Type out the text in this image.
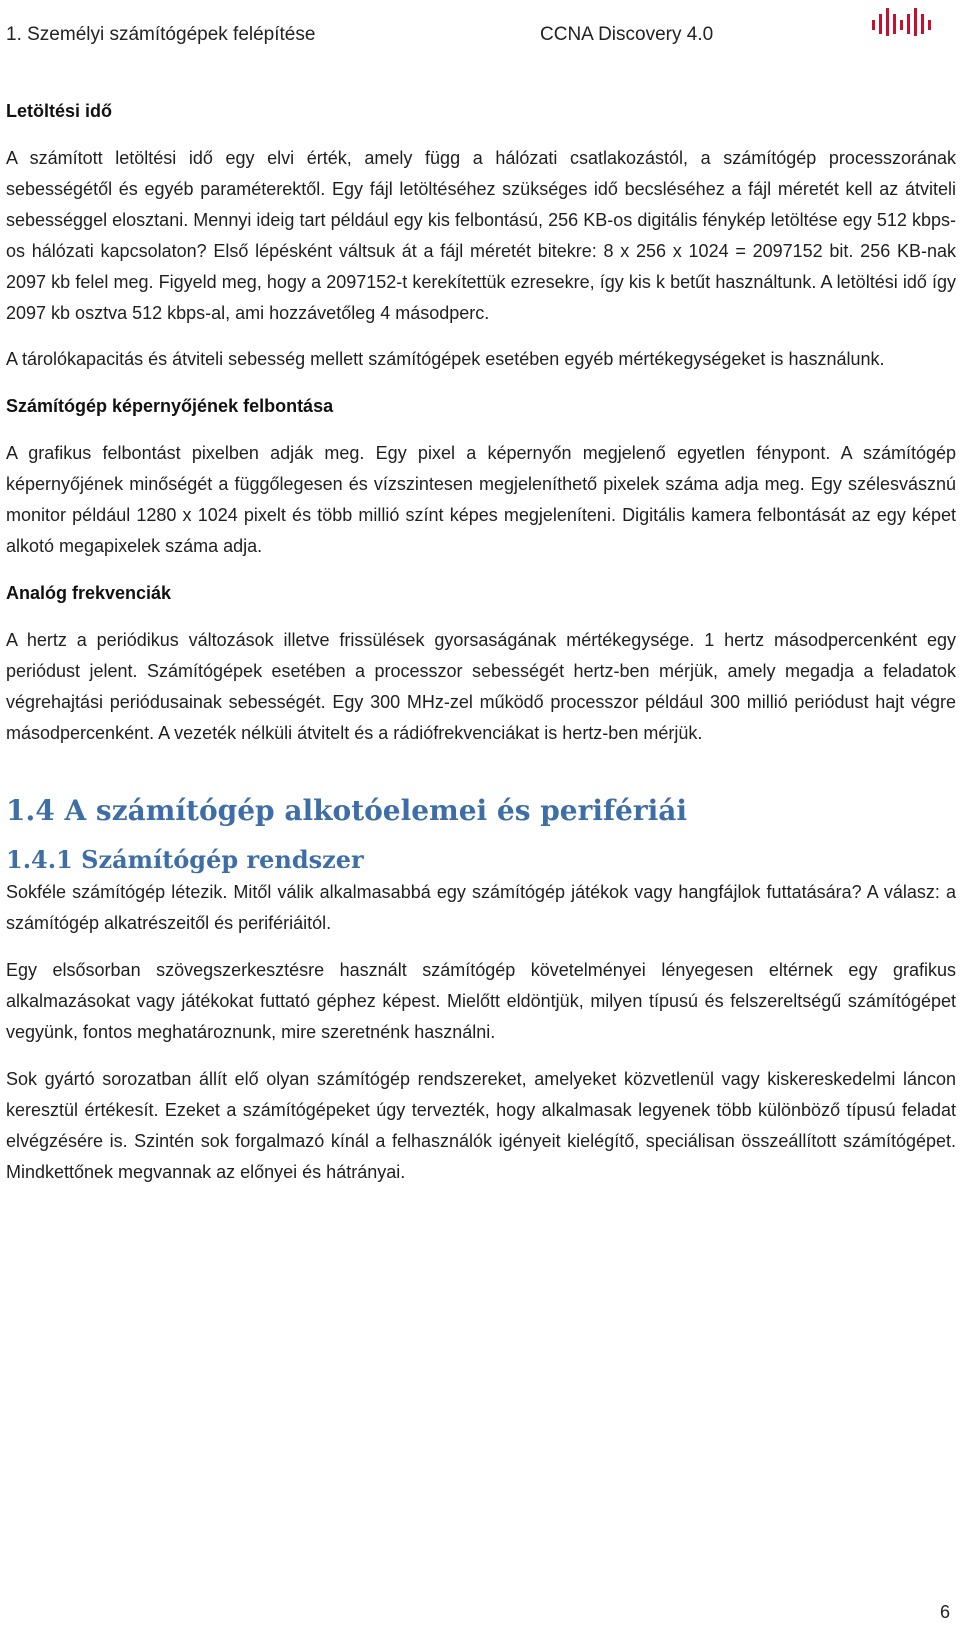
1. Személyi számítógépek felépítése	CCNA Discovery 4.0
Letöltési idő

A számított letöltési idő egy elvi érték, amely függ a hálózati csatlakozástól, a számítógép processzorának sebességétől és egyéb paraméterektől. Egy fájl letöltéséhez szükséges idő becsléséhez a fájl méretét kell az átviteli sebességgel elosztani. Mennyi ideig tart például egy kis felbontású, 256 KB-os digitális fénykép letöltése egy 512 kbps-os hálózati kapcsolaton? Első lépésként váltsuk át a fájl méretét bitekre: 8 x 256 x 1024 = 2097152 bit. 256 KB-nak 2097 kb felel meg. Figyeld meg, hogy a 2097152-t kerekítettük ezresekre, így kis k betűt használtunk. A letöltési idő így 2097 kb osztva 512 kbps-al, ami hozzávetőleg 4 másodperc.

A tárolókapacitás és átviteli sebesség mellett számítógépek esetében egyéb mértékegységeket is használunk.

Számítógép képernyőjének felbontása

A grafikus felbontást pixelben adják meg. Egy pixel a képernyőn megjelenő egyetlen fénypont. A számítógép képernyőjének minőségét a függőlegesen és vízszintesen megjeleníthető pixelek száma adja meg. Egy szélesvásznú monitor például 1280 x 1024 pixelt és több millió színt képes megjeleníteni. Digitális kamera felbontását az egy képet alkotó megapixelek száma adja.

Analóg frekvenciák

A hertz a periódikus változások illetve frissülések gyorsaságának mértékegysége. 1 hertz másodpercenként egy periódust jelent. Számítógépek esetében a processzor sebességét hertz-ben mérjük, amely megadja a feladatok végrehajtási periódusainak sebességét. Egy 300 MHz-zel működő processzor például 300 millió periódust hajt végre másodpercenként. A vezeték nélküli átvitelt és a rádiófrekvenciákat is hertz-ben mérjük.

1.4 A számítógép alkotóelemei és perifériái
1.4.1 Számítógép rendszer

Sokféle számítógép létezik. Mitől válik alkalmasabbá egy számítógép játékok vagy hangfájlok futtatására? A válasz: a számítógép alkatrészeitől és perifériáitól.

Egy elsősorban szövegszerkesztésre használt számítógép követelményei lényegesen eltérnek egy grafikus alkalmazásokat vagy játékokat futtató géphez képest. Mielőtt eldöntjük, milyen típusú és felszereltségű számítógépet vegyünk, fontos meghatároznunk, mire szeretnénk használni.

Sok gyártó sorozatban állít elő olyan számítógép rendszereket, amelyeket közvetlenül vagy kiskereskedelmi láncon keresztül értékesít. Ezeket a számítógépeket úgy tervezték, hogy alkalmasak legyenek több különböző típusú feladat elvégzésére is. Szintén sok forgalmazó kínál a felhasználók igényeit kielégítő, speciálisan összeállított számítógépet. Mindkettőnek megvannak az előnyei és hátrányai.

6
